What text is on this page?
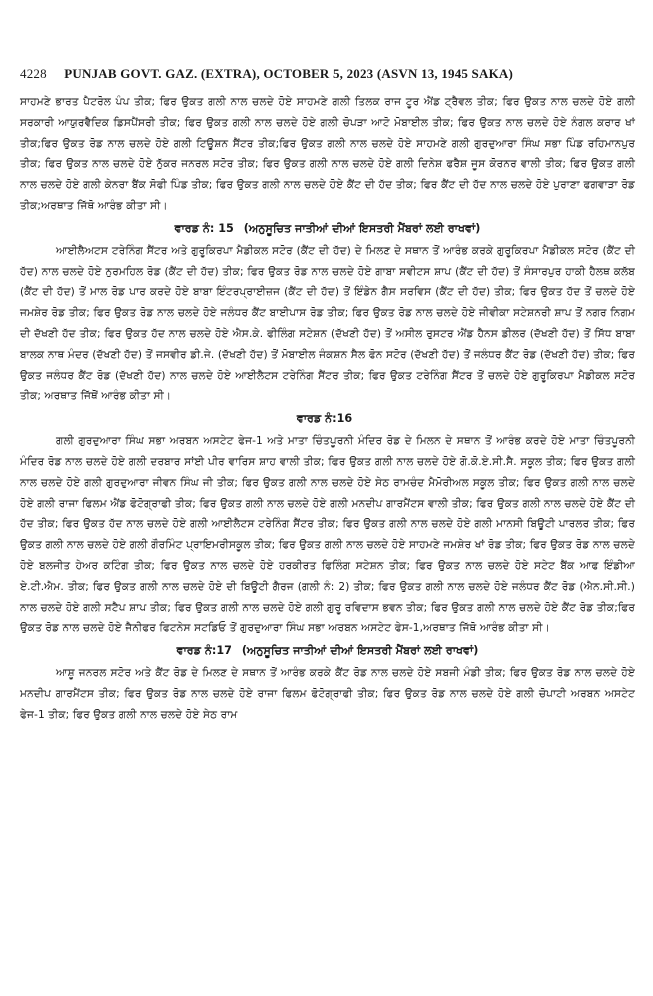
4228 PUNJAB GOVT. GAZ. (EXTRA), OCTOBER 5, 2023 (ASVN 13, 1945 SAKA)

ਸਾਹਮਣੇ ਭਾਰਤ ਪੈਟਰੋਲ ਪੰਪ ਤੀਕ; ਫਿਰ ਉਕਤ ਗਲੀ ਨਾਲ ਚਲਦੇ ਹੋਏ ਸਾਹਮਣੇ ਗਲੀ ਤਿਲਕ ਰਾਜ ਟੂਰ ਐਂਡ ਟ੍ਰੈਵਲ ਤੀਕ; ਫਿਰ ਉਕਤ ਨਾਲ ਚਲਦੇ ਹੋਏ ਗਲੀ ਸਰਕਾਰੀ ਆਯੁਰਵੈਦਿਕ ਡਿਸਪੈਂਸਰੀ ਤੀਕ; ਫਿਰ ਉਕਤ ਗਲੀ ਨਾਲ ਚਲਦੇ ਹੋਏ ਗਲੀ ਚੋਪੜਾ ਆਟੋ ਮੋਬਾਈਲ ਤੀਕ; ਫਿਰ ਉਕਤ ਨਾਲ ਚਲਦੇ ਹੋਏ ਨੰਗਲ ਕਰਾਰ ਖਾਂ ਤੀਕ;ਫਿਰ ਉਕਤ ਰੋਡ ਨਾਲ ਚਲਦੇ ਹੋਏ ਗਲੀ ਟਿਊਸ਼ਨ ਸੈਂਟਰ ਤੀਕ;ਫਿਰ ਉਕਤ ਗਲੀ ਨਾਲ ਚਲਦੇ ਹੋਏ ਸਾਹਮਣੇ ਗਲੀ ਗੁਰਦੁਆਰਾ ਸਿੰਘ ਸਭਾ ਪਿੰਡ ਰਹਿਮਾਨਪੁਰ ਤੀਕ; ਫਿਰ ਉਕਤ ਨਾਲ ਚਲਦੇ ਹੋਏ ਨੁੱਕਰ ਜਨਰਲ ਸਟੋਰ ਤੀਕ; ਫਿਰ ਉਕਤ ਗਲੀ ਨਾਲ ਚਲਦੇ ਹੋਏ ਗਲੀ ਦਿਨੇਸ਼ ਫਰੈਸ਼ ਜੂਸ ਕੋਰਨਰ ਵਾਲੀ ਤੀਕ; ਫਿਰ ਉਕਤ ਗਲੀ ਨਾਲ ਚਲਦੇ ਹੋਏ ਗਲੀ ਕੇਨਰਾ ਬੈਂਕ ਸੋਫੀ ਪਿੰਡ ਤੀਕ; ਫਿਰ ਉਕਤ ਗਲੀ ਨਾਲ ਚਲਦੇ ਹੋਏ ਕੈਂਟ ਦੀ ਹੱਦ ਤੀਕ; ਫਿਰ ਕੈਂਟ ਦੀ ਹੱਦ ਨਾਲ ਚਲਦੇ ਹੋਏ ਪੁਰਾਣਾ ਫਗਵਾੜਾ ਰੋਡ ਤੀਕ;ਅਰਥਾਤ ਜਿੱਥੋ ਆਰੰਭ ਕੀਤਾ ਸੀ।

ਵਾਰਡ ਨੰ: 15 (ਅਨੁਸੂਚਿਤ ਜਾਤੀਆਂ ਦੀਆਂ ਇਸਤਰੀ ਮੈਂਬਰਾਂ ਲਈ ਰਾਖਵਾਂ)

ਆਈਲੈਅਟਸ ਟਰੇਨਿੰਗ ਸੈਂਟਰ ਅਤੇ ਗੁਰੂਕਿਰਪਾ ਮੈਡੀਕਲ ਸਟੋਰ (ਕੈਂਟ ਦੀ ਹੱਦ) ਦੇ ਮਿਲਣ ਦੇ ਸਥਾਨ ਤੋਂ ਆਰੰਭ ਕਰਕੇ ਗੁਰੂਕਿਰਪਾ ਮੈਡੀਕਲ ਸਟੋਰ (ਕੈਂਟ ਦੀ ਹੱਦ) ਨਾਲ ਚਲਦੇ ਹੋਏ ਨੁਰਮਹਿਲ ਰੋਡ (ਕੈਂਟ ਦੀ ਹੱਦ) ਤੀਕ; ਫਿਰ ਉਕਤ ਰੋਡ ਨਾਲ ਚਲਦੇ ਹੋਏ ਗਾਬਾ ਸਵੀਟਸ ਸ਼ਾਪ (ਕੈਂਟ ਦੀ ਹੱਦ) ਤੋਂ ਸੰਸਾਰਪੁਰ ਹਾਕੀ ਹੈਲਥ ਕਲੱਬ (ਕੈਂਟ ਦੀ ਹੱਦ) ਤੋਂ ਮਾਲ ਰੋਡ ਪਾਰ ਕਰਦੇ ਹੋਏ ਬਾਬਾ ਇੰਟਰਪ੍ਰਾਈਜ਼ਜ (ਕੈਂਟ ਦੀ ਹੱਦ) ਤੋਂ ਇੰਡੇਨ ਗੈਸ ਸਰਵਿਸ (ਕੈਂਟ ਦੀ ਹੱਦ) ਤੀਕ; ਫਿਰ ਉਕਤ ਹੱਦ ਤੋਂ ਚਲਦੇ ਹੋਏ ਜਮਸ਼ੇਰ ਰੋਡ ਤੀਕ; ਫਿਰ ਉਕਤ ਰੋਡ ਨਾਲ ਚਲਦੇ ਹੋਏ ਜਲੰਧਰ ਕੈਂਟ ਬਾਈਪਾਸ ਰੋਡ ਤੀਕ; ਫਿਰ ਉਕਤ ਰੋਡ ਨਾਲ ਚਲਦੇ ਹੋਏ ਜੀਵੀਕਾ ਸਟੇਸ਼ਨਰੀ ਸ਼ਾਪ ਤੋਂ ਨਗਰ ਨਿਗਮ ਦੀ ਦੱਖਣੀ ਹੱਦ ਤੀਕ; ਫਿਰ ਉਕਤ ਹੱਦ ਨਾਲ ਚਲਦੇ ਹੋਏ ਐਸ.ਕੇ. ਫੀਲਿੰਗ ਸਟੇਸ਼ਨ (ਦੱਖਣੀ ਹੱਦ) ਤੋਂ ਅਸੀਲ ਰੁਸਟਰ ਐਂਡ ਹੈਨਸ ਡੀਲਰ (ਦੱਖਣੀ ਹੱਦ) ਤੋਂ ਸਿੱਧ ਬਾਬਾ ਬਾਲਕ ਨਾਥ ਮੰਦਰ (ਦੱਖਣੀ ਹੱਦ) ਤੋਂ ਜਸਵੀਰ ਡੀ.ਜੇ. (ਦੱਖਣੀ ਹੱਦ) ਤੋਂ ਮੋਬਾਈਲ ਜੰਕਸ਼ਨ ਸੈਲ ਫੋਨ ਸਟੋਰ (ਦੱਖਣੀ ਹੱਦ) ਤੋਂ ਜਲੰਧਰ ਕੈਂਟ ਰੋਡ (ਦੱਖਣੀ ਹੱਦ) ਤੀਕ; ਫਿਰ ਉਕਤ ਜਲੰਧਰ ਕੈਂਟ ਰੋਡ (ਦੱਖਣੀ ਹੱਦ) ਨਾਲ ਚਲਦੇ ਹੋਏ ਆਈਲੈਟਸ ਟਰੇਨਿੰਗ ਸੈਂਟਰ ਤੀਕ; ਫਿਰ ਉਕਤ ਟਰੇਨਿੰਗ ਸੈਂਟਰ ਤੋਂ ਚਲਦੇ ਹੋਏ ਗੁਰੂਕਿਰਪਾ ਮੈਡੀਕਲ ਸਟੋਰ ਤੀਕ; ਅਰਥਾਤ ਜਿੱਥੋਂ ਆਰੰਭ ਕੀਤਾ ਸੀ।

ਵਾਰਡ ਨੰ:16

ਗਲੀ ਗੁਰਦੁਆਰਾ ਸਿੰਘ ਸਭਾ ਅਰਬਨ ਅਸਟੇਟ ਫੇਜ-1 ਅਤੇ ਮਾਤਾ ਚਿੰਤਪੂਰਨੀ ਮੰਦਿਰ ਰੋਡ ਦੇ ਮਿਲਨ ਦੇ ਸਥਾਨ ਤੋਂ ਆਰੰਭ ਕਰਦੇ ਹੋਏ ਮਾਤਾ ਚਿੰਤਪੂਰਨੀ ਮੰਦਿਰ ਰੋਡ ਨਾਲ ਚਲਦੇ ਹੋਏ ਗਲੀ ਦਰਬਾਰ ਸਾਂਈ ਪੀਰ ਵਾਰਿਸ ਸ਼ਾਹ ਵਾਲੀ ਤੀਕ; ਫਿਰ ਉਕਤ ਗਲੀ ਨਾਲ ਚਲਦੇ ਹੋਏ ਗੋ.ਕੋ.ਏ.ਸੀ.ਸੈ. ਸਕੂਲ ਤੀਕ; ਫਿਰ ਉਕਤ ਗਲੀ ਨਾਲ ਚਲਦੇ ਹੋਏ ਗਲੀ ਗੁਰਦੁਆਰਾ ਜੀਵਨ ਸਿੰਘ ਜੀ ਤੀਕ; ਫਿਰ ਉਕਤ ਗਲੀ ਨਾਲ ਚਲਦੇ ਹੋਏ ਸੇਠ ਰਾਮਚੰਦ ਮੈਮੋਰੀਅਲ ਸਕੂਲ ਤੀਕ; ਫਿਰ ਉਕਤ ਗਲੀ ਨਾਲ ਚਲਦੇ ਹੋਏ ਗਲੀ ਰਾਜਾ ਫਿਲਮ ਐਂਡ ਫੋਟੋਗ੍ਰਾਫੀ ਤੀਕ; ਫਿਰ ਉਕਤ ਗਲੀ ਨਾਲ ਚਲਦੇ ਹੋਏ ਗਲੀ ਮਨਦੀਪ ਗਾਰਮੈਂਟਸ ਵਾਲੀ ਤੀਕ; ਫਿਰ ਉਕਤ ਗਲੀ ਨਾਲ ਚਲਦੇ ਹੋਏ ਕੈਂਟ ਦੀ ਹੱਦ ਤੀਕ; ਫਿਰ ਉਕਤ ਹੱਦ ਨਾਲ ਚਲਦੇ ਹੋਏ ਗਲੀ ਆਈਲੈਟਸ ਟਰੇਨਿੰਗ ਸੈਂਟਰ ਤੀਕ; ਫਿਰ ਉਕਤ ਗਲੀ ਨਾਲ ਚਲਦੇ ਹੋਏ ਗਲੀ ਮਾਨਸੀ ਬਿਊਟੀ ਪਾਰਲਰ ਤੀਕ; ਫਿਰ ਉਕਤ ਗਲੀ ਨਾਲ ਚਲਦੇ ਹੋਏ ਗਲੀ ਗੌਰਮਿੰਟ ਪ੍ਰਾਇਮਰੀਸਕੂਲ ਤੀਕ; ਫਿਰ ਉਕਤ ਗਲੀ ਨਾਲ ਚਲਦੇ ਹੋਏ ਸਾਹਮਣੇ ਜਮਸ਼ੇਰ ਖਾਂ ਰੋਡ ਤੀਕ; ਫਿਰ ਉਕਤ ਰੋਡ ਨਾਲ ਚਲਦੇ ਹੋਏ ਬਲਜੀਤ ਹੇਅਰ ਕਟਿੰਗ ਤੀਕ; ਫਿਰ ਉਕਤ ਨਾਲ ਚਲਦੇ ਹੋਏ ਹਰਕੀਰਤ ਫਿਲਿੰਗ ਸਟੇਸ਼ਨ ਤੀਕ; ਫਿਰ ਉਕਤ ਨਾਲ ਚਲਦੇ ਹੋਏ ਸਟੇਟ ਬੈਂਕ ਆਫ ਇੰਡੀਆ ਏ.ਟੀ.ਐਮ. ਤੀਕ; ਫਿਰ ਉਕਤ ਗਲੀ ਨਾਲ ਚਲਦੇ ਹੋਏ ਦੀ ਬਿਊਟੀ ਗੈਰਜ (ਗਲੀ ਨੰ: 2) ਤੀਕ; ਫਿਰ ਉਕਤ ਗਲੀ ਨਾਲ ਚਲਦੇ ਹੋਏ ਜਲੰਧਰ ਕੈਂਟ ਰੋਡ (ਐਨ.ਸੀ.ਸੀ.) ਨਾਲ ਚਲਦੇ ਹੋਏ ਗਲੀ ਸਟੈਪ ਸ਼ਾਪ ਤੀਕ; ਫਿਰ ਉਕਤ ਗਲੀ ਨਾਲ ਚਲਦੇ ਹੋਏ ਗਲੀ ਗੁਰੂ ਰਵਿਦਾਸ ਭਵਨ ਤੀਕ; ਫਿਰ ਉਕਤ ਗਲੀ ਨਾਲ ਚਲਦੇ ਹੋਏ ਕੈਂਟ ਰੋਡ ਤੀਕ;ਫਿਰ ਉਕਤ ਰੋਡ ਨਾਲ ਚਲਦੇ ਹੋਏ ਜੈਨੀਫਰ ਫਿਟਨੇਸ ਸਟਡਿਓ ਤੋਂ ਗੁਰਦੁਆਰਾ ਸਿੰਘ ਸਭਾ ਅਰਬਨ ਅਸਟੇਟ ਫੇਸ-1,ਅਰਥਾਤ ਜਿੱਥੋ ਆਰੰਭ ਕੀਤਾ ਸੀ।

ਵਾਰਡ ਨੰ:17 (ਅਨੁਸੂਚਿਤ ਜਾਤੀਆਂ ਦੀਆਂ ਇਸਤਰੀ ਮੈਂਬਰਾਂ ਲਈ ਰਾਖਵਾਂ)

ਆਸ਼ੂ ਜਨਰਲ ਸਟੋਰ ਅਤੇ ਕੈਂਟ ਰੋਡ ਦੇ ਮਿਲਣ ਦੇ ਸਥਾਨ ਤੋਂ ਆਰੰਭ ਕਰਕੇ ਕੈਂਟ ਰੋਡ ਨਾਲ ਚਲਦੇ ਹੋਏ ਸਬਜੀ ਮੰਡੀ ਤੀਕ; ਫਿਰ ਉਕਤ ਰੋਡ ਨਾਲ ਚਲਦੇ ਹੋਏ ਮਨਦੀਪ ਗਾਰਮੈਂਟਸ ਤੀਕ; ਫਿਰ ਉਕਤ ਰੋਡ ਨਾਲ ਚਲਦੇ ਹੋਏ ਰਾਜਾ ਫਿਲਮ ਫੋਟੋਗ੍ਰਾਫੀ ਤੀਕ; ਫਿਰ ਉਕਤ ਰੋਡ ਨਾਲ ਚਲਦੇ ਹੋਏ ਗਲੀ ਚੋਪਾਟੀ ਅਰਬਨ ਅਸਟੇਟ ਫੇਜ-1 ਤੀਕ; ਫਿਰ ਉਕਤ ਗਲੀ ਨਾਲ ਚਲਦੇ ਹੋਏ ਸੇਠ ਰਾਮ
